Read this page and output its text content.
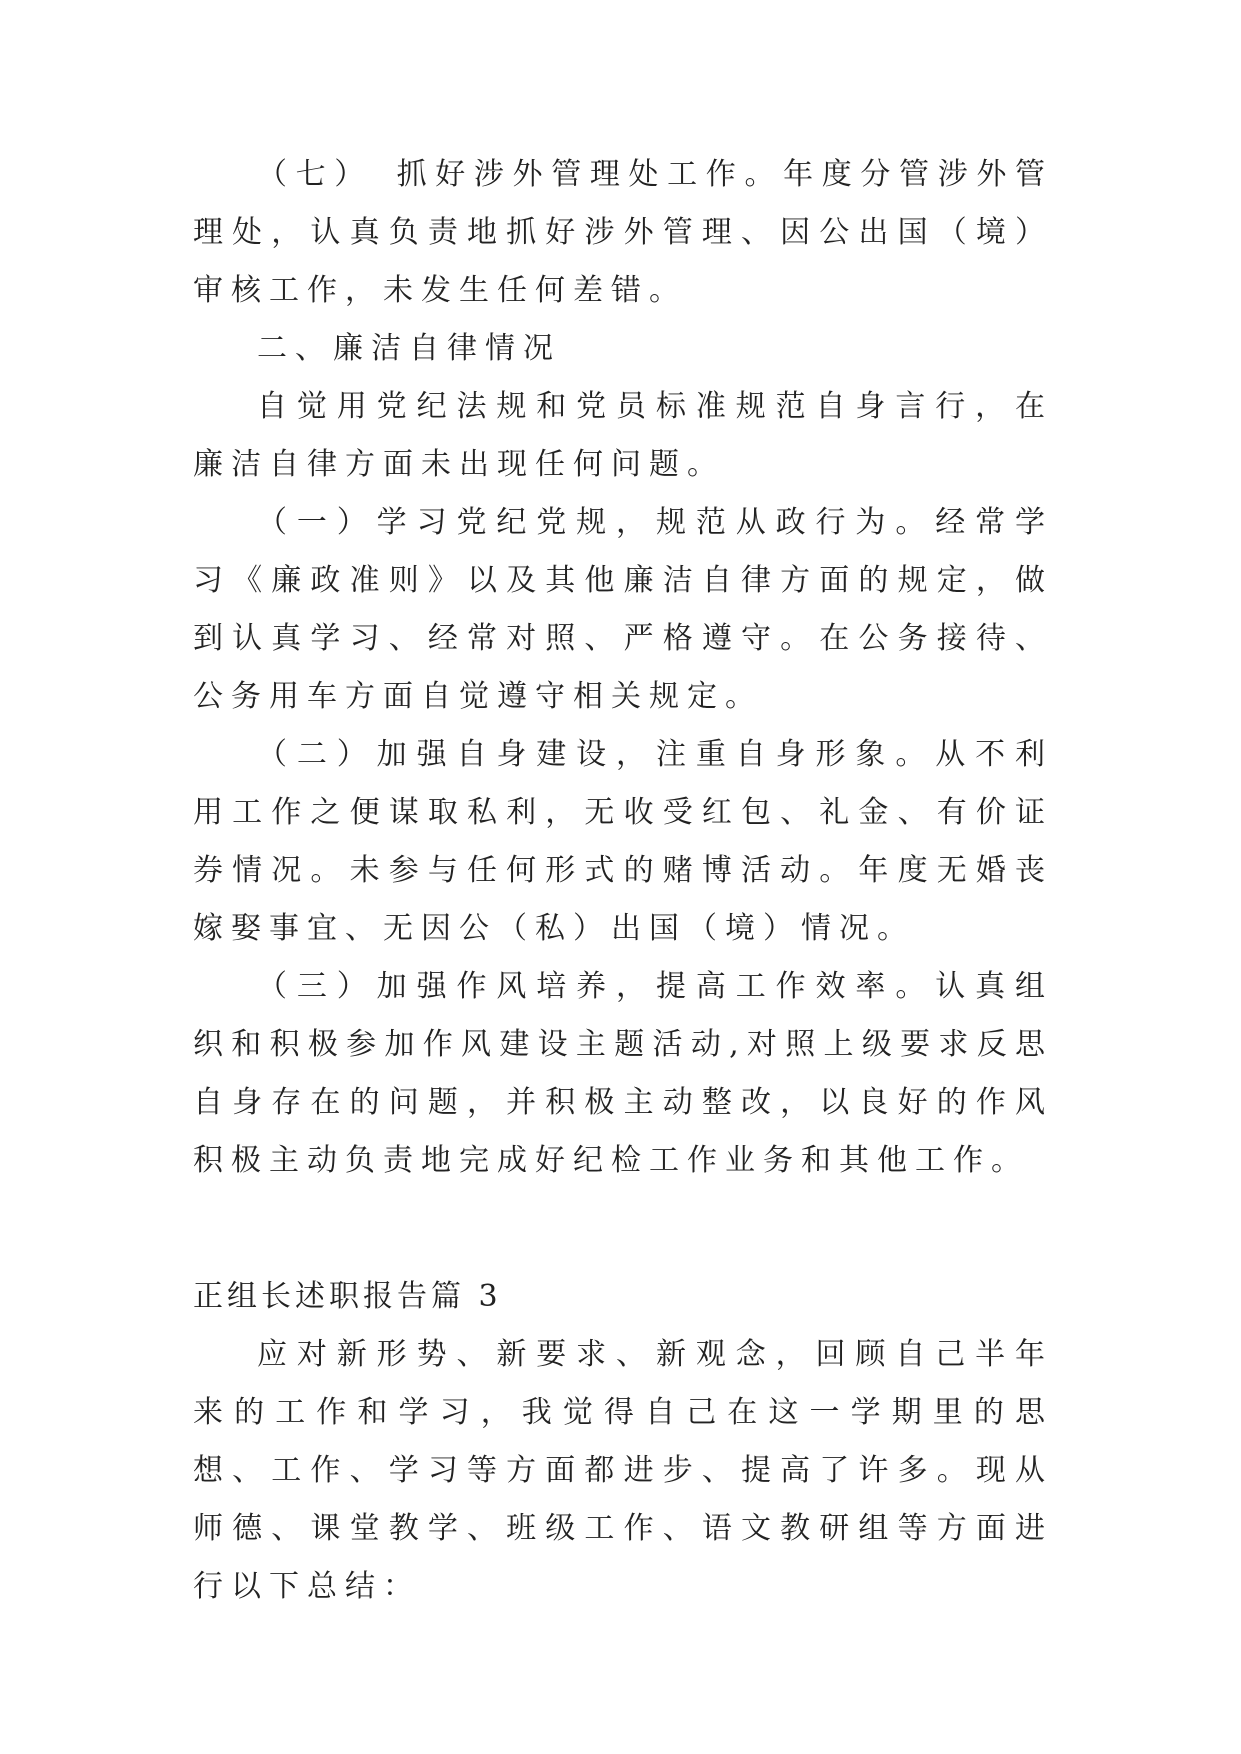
（七）　抓好涉外管理处工作。年度分管涉外管理处，认真负责地抓好涉外管理、因公出国（境）审核工作，未发生任何差错。

二、廉洁自律情况

自觉用党纪法规和党员标准规范自身言行，在廉洁自律方面未出现任何问题。

（一）学习党纪党规，规范从政行为。经常学习《廉政准则》以及其他廉洁自律方面的规定，做到认真学习、经常对照、严格遵守。在公务接待、公务用车方面自觉遵守相关规定。

（二）加强自身建设，注重自身形象。从不利用工作之便谋取私利，无收受红包、礼金、有价证券情况。未参与任何形式的赌博活动。年度无婚丧嫁娶事宜、无因公（私）出国（境）情况。

（三）加强作风培养，提高工作效率。认真组织和积极参加作风建设主题活动,对照上级要求反思自身存在的问题，并积极主动整改，以良好的作风积极主动负责地完成好纪检工作业务和其他工作。

正组长述职报告篇 3

应对新形势、新要求、新观念，回顾自己半年来的工作和学习，我觉得自己在这一学期里的思想、工作、学习等方面都进步、提高了许多。现从师德、课堂教学、班级工作、语文教研组等方面进行以下总结：
